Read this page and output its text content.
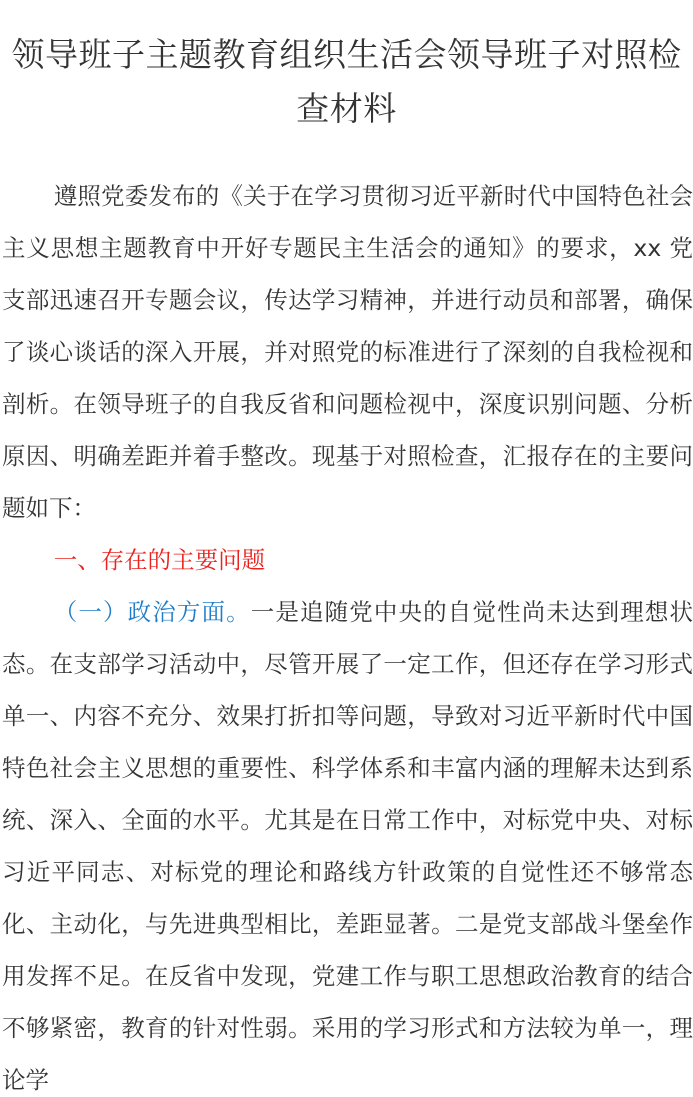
领导班子主题教育组织生活会领导班子对照检查材料

遵照党委发布的《关于在学习贯彻习近平新时代中国特色社会主义思想主题教育中开好专题民主生活会的通知》的要求，xx 党支部迅速召开专题会议，传达学习精神，并进行动员和部署，确保了谈心谈话的深入开展，并对照党的标准进行了深刻的自我检视和剖析。在领导班子的自我反省和问题检视中，深度识别问题、分析原因、明确差距并着手整改。现基于对照检查，汇报存在的主要问题如下：

一、存在的主要问题

（一）政治方面。一是追随党中央的自觉性尚未达到理想状态。在支部学习活动中，尽管开展了一定工作，但还存在学习形式单一、内容不充分、效果打折扣等问题，导致对习近平新时代中国特色社会主义思想的重要性、科学体系和丰富内涵的理解未达到系统、深入、全面的水平。尤其是在日常工作中，对标党中央、对标习近平同志、对标党的理论和路线方针政策的自觉性还不够常态化、主动化，与先进典型相比，差距显著。二是党支部战斗堡垒作用发挥不足。在反省中发现，党建工作与职工思想政治教育的结合不够紧密，教育的针对性弱。采用的学习形式和方法较为单一，理论学
